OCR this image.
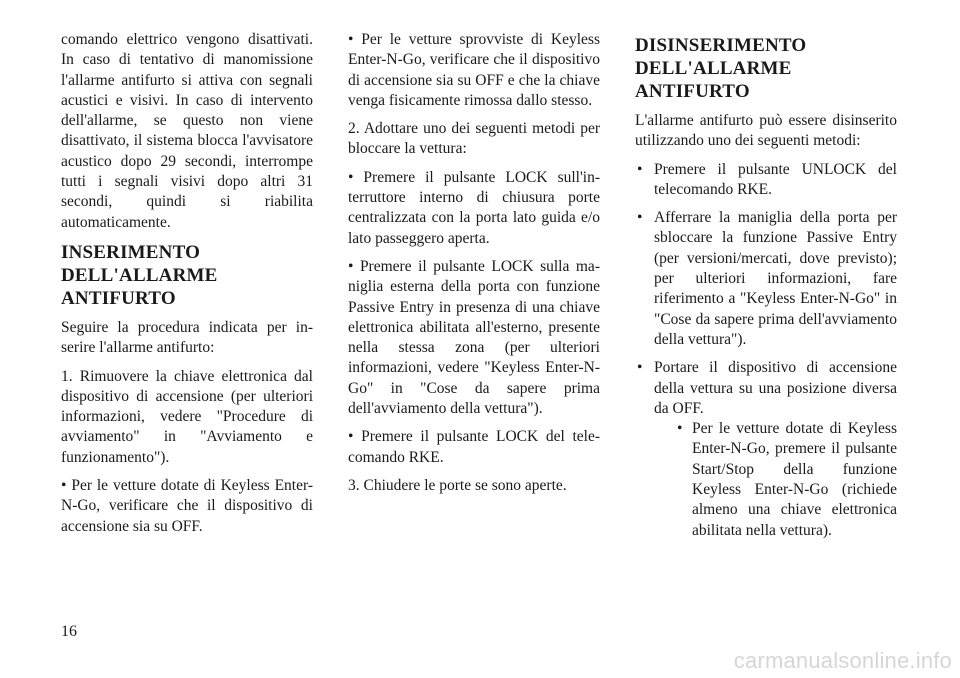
comando elettrico vengono disattivati. In caso di tentativo di manomissione l'allarme antifurto si attiva con segnali acustici e visivi. In caso di intervento dell'allarme, se questo non viene disattivato, il sistema blocca l'avvisatore acustico dopo 29 secondi, interrompe tutti i segnali visivi dopo altri 31 secondi, quindi si riabilita automaticamente.

INSERIMENTO DELL'ALLARME ANTIFURTO

Seguire la procedura indicata per inserire l'allarme antifurto:

1. Rimuovere la chiave elettronica dal dispositivo di accensione (per ulteriori informazioni, vedere "Procedure di avviamento" in "Avviamento e funzionamento").

• Per le vetture dotate di Keyless Enter-N-Go, verificare che il dispositivo di accensione sia su OFF.

• Per le vetture sprovviste di Keyless Enter-N-Go, verificare che il dispositivo di accensione sia su OFF e che la chiave venga fisicamente rimossa dallo stesso.

2. Adottare uno dei seguenti metodi per bloccare la vettura:

• Premere il pulsante LOCK sull'interruttore interno di chiusura porte centralizzata con la porta lato guida e/o lato passeggero aperta.

• Premere il pulsante LOCK sulla maniglia esterna della porta con funzione Passive Entry in presenza di una chiave elettronica abilitata all'esterno, presente nella stessa zona (per ulteriori informazioni, vedere "Keyless Enter-N-Go" in "Cose da sapere prima dell'avviamento della vettura").

• Premere il pulsante LOCK del telecomando RKE.

3. Chiudere le porte se sono aperte.

DISINSERIMENTO DELL'ALLARME ANTIFURTO

L'allarme antifurto può essere disinserito utilizzando uno dei seguenti metodi:

• Premere il pulsante UNLOCK del telecomando RKE.
• Afferrare la maniglia della porta per sbloccare la funzione Passive Entry (per versioni/mercati, dove previsto); per ulteriori informazioni, fare riferimento a "Keyless Enter-N-Go" in "Cose da sapere prima dell'avviamento della vettura").
• Portare il dispositivo di accensione della vettura su una posizione diversa da OFF.
• Per le vetture dotate di Keyless Enter-N-Go, premere il pulsante Start/Stop della funzione Keyless Enter-N-Go (richiede almeno una chiave elettronica abilitata nella vettura).
16
carmanualsonline.info
